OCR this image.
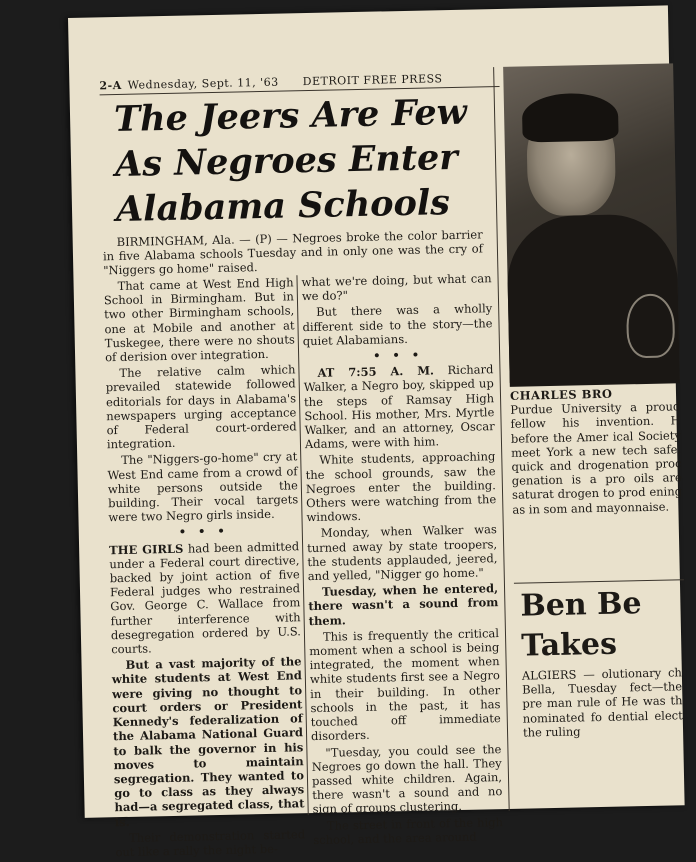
2-A Wednesday, Sept. 11, '63 DETROIT FREE PRESS
The Jeers Are Few
As Negroes Enter
Alabama Schools

BIRMINGHAM, Ala. — (P) — Negroes broke the color barrier in five Alabama schools Tuesday and in only one was the cry of "Niggers go home" raised.

That came at West End High School in Birmingham. But in two other Birmingham schools, one at Mobile and another at Tuskegee, there were no shouts of derision over integration.

The relative calm which prevailed statewide followed editorials for days in Alabama's newspapers urging acceptance of Federal court-ordered integration.

The "Niggers-go-home" cry at West End came from a crowd of white persons outside the building. Their vocal targets were two Negro girls inside.

• • •

THE GIRLS had been admitted under a Federal court directive, backed by joint action of five Federal judges who restrained Gov. George C. Wallace from further interference with desegregation ordered by U.S. courts.

But a vast majority of the white students at West End were giving no thought to court orders or President Kennedy's federalization of the Alabama National Guard to balk the governor in his moves to maintain segregation. They wanted to go to class as they always had—a segregated class, that is.

Their demonstration started out like a rally the night be-

what we're doing, but what can we do?"

But there was a wholly different side to the story—the quiet Alabamians.

• • •

AT 7:55 A. M. Richard Walker, a Negro boy, skipped up the steps of Ramsay High School. His mother, Mrs. Myrtle Walker, and an attorney, Oscar Adams, were with him.

White students, approaching the school grounds, saw the Negroes enter the building. Others were watching from the windows.

Monday, when Walker was turned away by state troopers, the students applauded, jeered, and yelled, "Nigger go home."

Tuesday, when he entered, there wasn't a sound from them.

This is frequently the critical moment when a school is being integrated, the moment when white students first see a Negro in their building. In other schools in the past, it has touched off immediate disorders.

"Tuesday, you could see the Negroes go down the hall. They passed white children. Again, there wasn't a sound and no sign of groups clustering.

The street in front of the high school, and the area around

CHARLES BRO

Purdue University a proud fellow his invention. H before the Amer ical Society meet York a new tech safe, quick and drogenation proc genation is a pro oils are saturat drogen to prod ening as in som and mayonnaise.

Ben Be
Takes

ALGIERS — olutionary ch Bella, Tuesday fect—the pre man rule of He was th nominated fo dential elect the ruling
